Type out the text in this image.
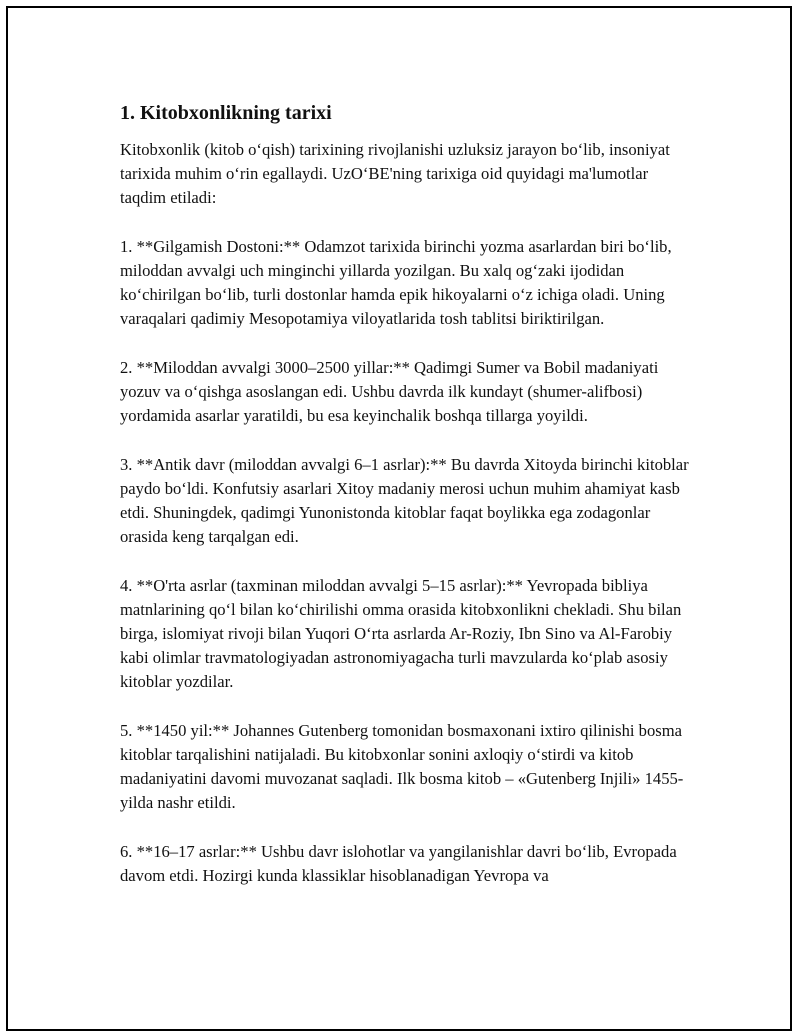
1. Kitobxonlikning tarixi

Kitobxonlik (kitob o‘qish) tarixining rivojlanishi uzluksiz jarayon bo‘lib, insoniyat tarixida muhim o‘rin egallaydi. UzO‘BE'ning tarixiga oid quyidagi ma'lumotlar taqdim etiladi:

1. **Gilgamish Dostoni:** Odamzot tarixida birinchi yozma asarlardan biri bo‘lib, miloddan avvalgi uch minginchi yillarda yozilgan. Bu xalq og‘zaki ijodidan ko‘chirilgan bo‘lib, turli dostonlar hamda epik hikoyalarni o‘z ichiga oladi. Uning varaqalari qadimiy Mesopotamiya viloyatlarida tosh tablitsi biriktirilgan.

2. **Miloddan avvalgi 3000–2500 yillar:** Qadimgi Sumer va Bobil madaniyati yozuv va o‘qishga asoslangan edi. Ushbu davrda ilk kundayt (shumer-alifbosi) yordamida asarlar yaratildi, bu esa keyinchalik boshqa tillarga yoyildi.

3. **Antik davr (miloddan avvalgi 6–1 asrlar):** Bu davrda Xitoyda birinchi kitoblar paydo bo‘ldi. Konfutsiy asarlari Xitoy madaniy merosi uchun muhim ahamiyat kasb etdi. Shuningdek, qadimgi Yunonistonda kitoblar faqat boylikka ega zodagonlar orasida keng tarqalgan edi.

4. **O'rta asrlar (taxminan miloddan avvalgi 5–15 asrlar):** Yevropada bibliya matnlarining qo‘l bilan ko‘chirilishi omma orasida kitobxonlikni chekladi. Shu bilan birga, islomiyat rivoji bilan Yuqori O‘rta asrlarda Ar-Roziy, Ibn Sino va Al-Farobiy kabi olimlar travmatologiyadan astronomiyagacha turli mavzularda ko‘plab asosiy kitoblar yozdilar.

5. **1450 yil:** Johannes Gutenberg tomonidan bosmaxonani ixtiro qilinishi bosma kitoblar tarqalishini natijaladi. Bu kitobxonlar sonini axloqiy o‘stirdi va kitob madaniyatini davomi muvozanat saqladi. Ilk bosma kitob – «Gutenberg Injili» 1455-yilda nashr etildi.

6. **16–17 asrlar:** Ushbu davr islohotlar va yangilanishlar davri bo‘lib, Evropada davom etdi. Hozirgi kunda klassiklar hisoblanadigan Yevropa va
